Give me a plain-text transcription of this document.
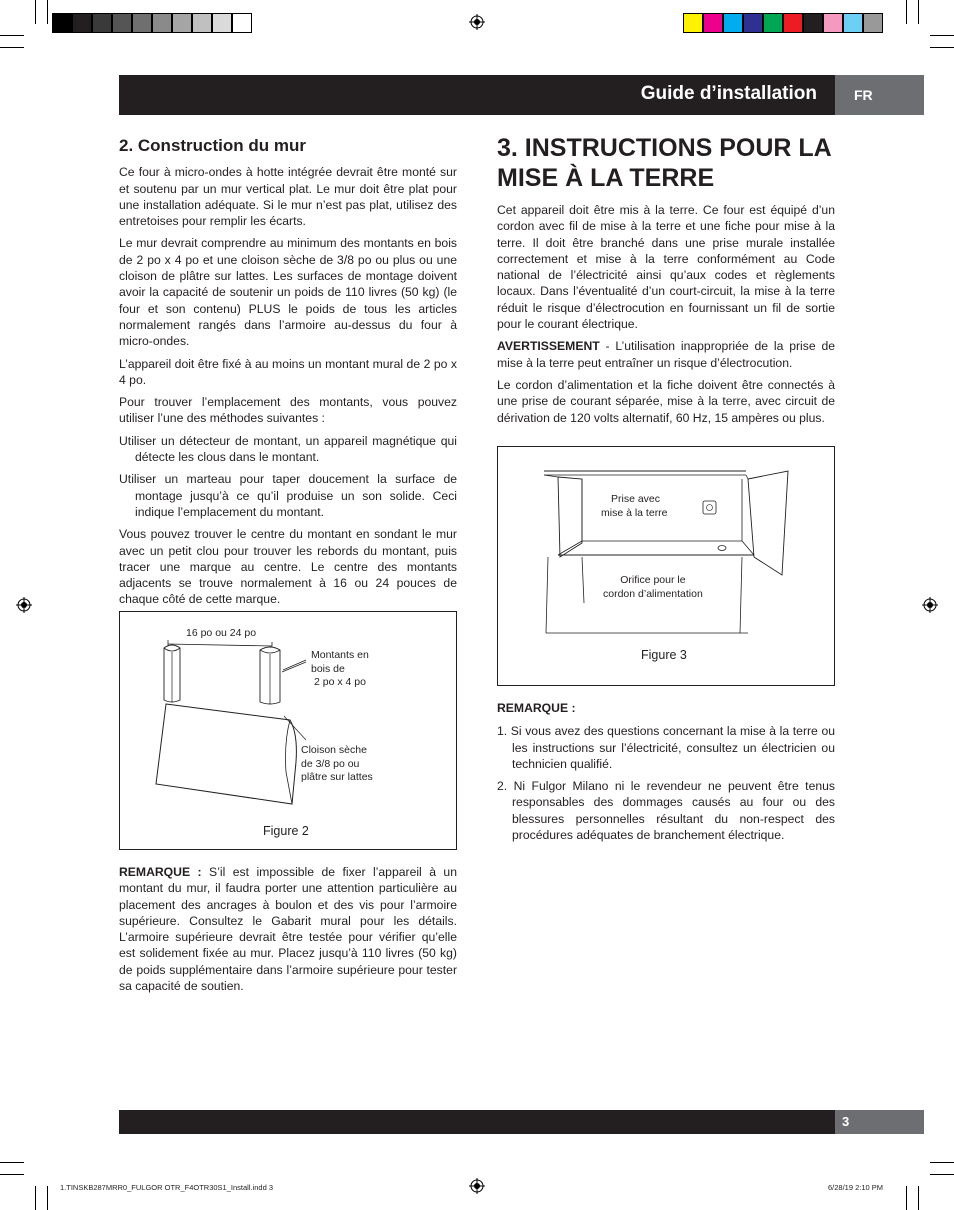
Guide d’installation	FR
2. Construction du mur

Ce four à micro-ondes à hotte intégrée devrait être monté sur et soutenu par un mur vertical plat. Le mur doit être plat pour une installation adéquate. Si le mur n’est pas plat, utilisez des entretoises pour remplir les écarts.

Le mur devrait comprendre au minimum des montants en bois de 2 po x 4 po et une cloison sèche de 3/8 po ou plus ou une cloison de plâtre sur lattes. Les surfaces de montage doivent avoir la capacité de soutenir un poids de 110 livres (50 kg) (le four et son contenu) PLUS le poids de tous les articles normalement rangés dans l’armoire au-dessus du four à micro-ondes.

L’appareil doit être fixé à au moins un montant mural de 2 po x 4 po.

Pour trouver l’emplacement des montants, vous pouvez utiliser l’une des méthodes suivantes :

Utiliser un détecteur de montant, un appareil magnétique qui détecte les clous dans le montant.

Utiliser un marteau pour taper doucement la surface de montage jusqu’à ce qu’il produise un son solide. Ceci indique l’emplacement du montant.

Vous pouvez trouver le centre du montant en sondant le mur avec un petit clou pour trouver les rebords du montant, puis tracer une marque au centre. Le centre des montants adjacents se trouve normalement à 16 ou 24 pouces de chaque côté de cette marque.

16 po ou 24 po
Montants en
bois de
2 po x 4 po
Cloison sèche
de 3/8 po ou
plâtre sur lattes
Figure 2

REMARQUE : S’il est impossible de fixer l’appareil à un montant du mur, il faudra porter une attention particulière au placement des ancrages à boulon et des vis pour l’armoire supérieure. Consultez le Gabarit mural pour les détails. L’armoire supérieure devrait être testée pour vérifier qu’elle est solidement fixée au mur. Placez jusqu’à 110 livres (50 kg) de poids supplémentaire dans l’armoire supérieure pour tester sa capacité de soutien.

3. INSTRUCTIONS POUR LA
MISE À LA TERRE

Cet appareil doit être mis à la terre. Ce four est équipé d’un cordon avec fil de mise à la terre et une fiche pour mise à la terre. Il doit être branché dans une prise murale installée correctement et mise à la terre conformément au Code national de l’électricité ainsi qu’aux codes et règlements locaux. Dans l’éventualité d’un court-circuit, la mise à la terre réduit le risque d’électrocution en fournissant un fil de sortie pour le courant électrique.

AVERTISSEMENT - L’utilisation inappropriée de la prise de mise à la terre peut entraîner un risque d’électrocution.

Le cordon d’alimentation et la fiche doivent être connectés à une prise de courant séparée, mise à la terre, avec circuit de dérivation de 120 volts alternatif, 60 Hz, 15 ampères ou plus.

Prise avec
mise à la terre
Orifice pour le
cordon d’alimentation
Figure 3

REMARQUE :

1. Si vous avez des questions concernant la mise à la terre ou les instructions sur l’électricité, consultez un électricien ou technicien qualifié.
2. Ni Fulgor Milano ni le revendeur ne peuvent être tenus responsables des dommages causés au four ou des blessures personnelles résultant du non-respect des procédures adéquates de branchement électrique.
3
1.TINSKB287MRR0_FULGOR OTR_F4OTR30S1_Install.indd 3	6/28/19 2:10 PM
